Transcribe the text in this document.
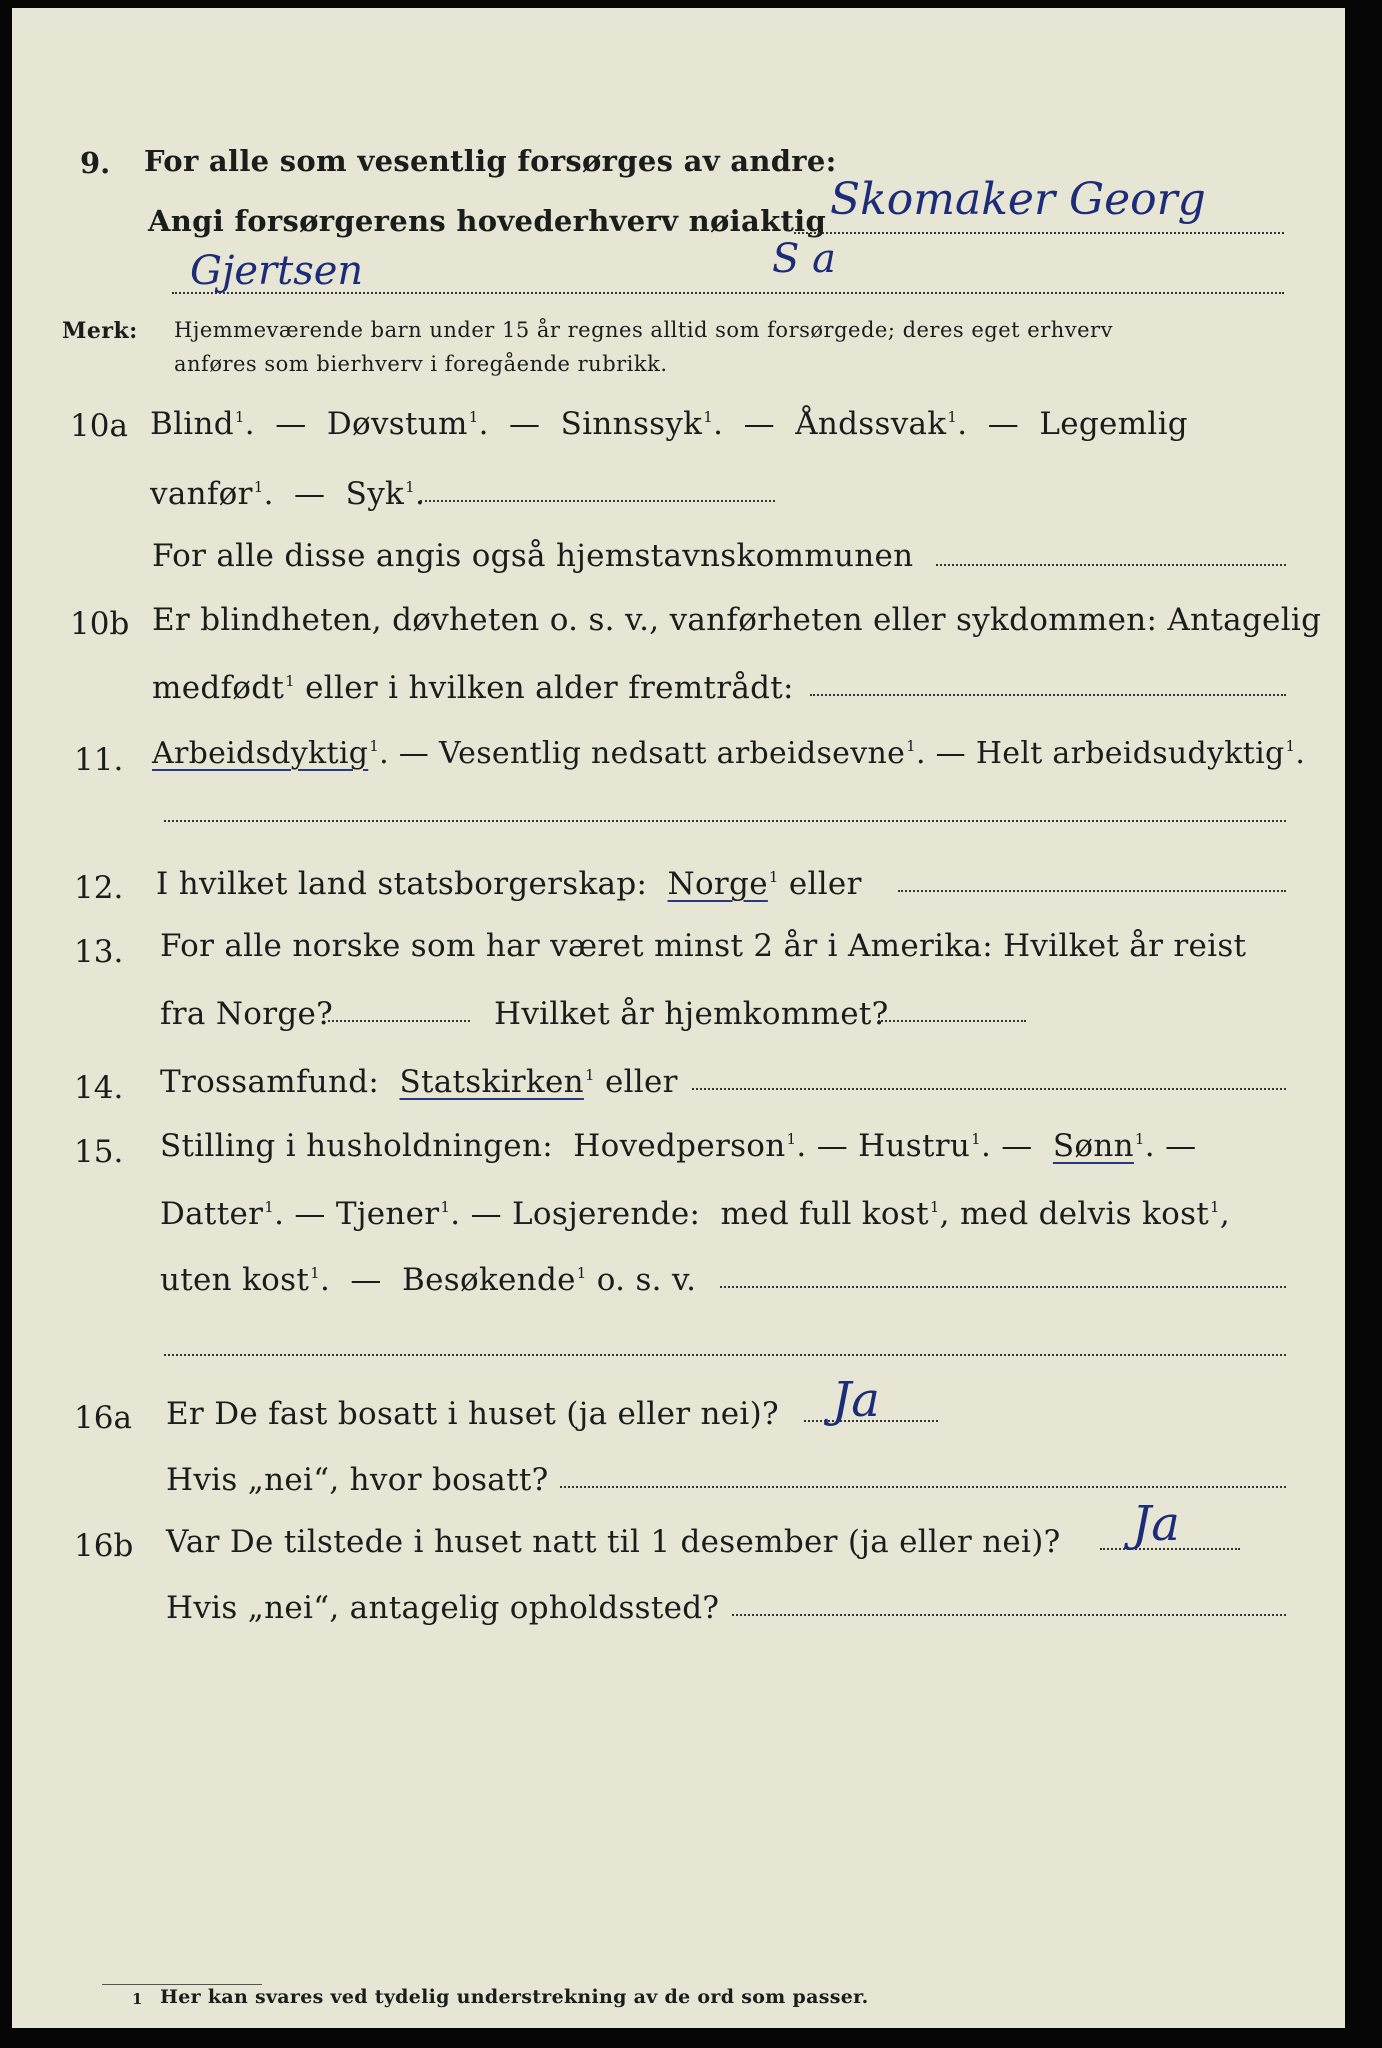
9. For alle som vesentlig forsørges av andre:
Angi forsørgerens hovederhverv nøiaktig Skomaker Georg
Gjertsen	S a
Merk: Hjemmeværende barn under 15 år regnes alltid som forsørgede; deres eget erhverv
anføres som bierhverv i foregående rubrikk.
10a Blind$^1$. — Døvstum$^1$. — Sinnssyk$^1$. — Åndssvak$^1$. — Legemlig
vanfør$^1$. — Syk$^1$.
For alle disse angis også hjemstavnskommunen
10b Er blindheten, døvheten o. s. v., vanførheten eller sykdommen: Antagelig
medfødt$^1$ eller i hvilken alder fremtrådt:
11. Arbeidsdyktig$^1$. — Vesentlig nedsatt arbeidsevne$^1$. — Helt arbeidsudyktig$^1$.
12. I hvilket land statsborgerskap: Norge$^1$ eller
13. For alle norske som har været minst 2 år i Amerika: Hvilket år reist
fra Norge?	Hvilket år hjemkommet?
14. Trossamfund: Statskirken$^1$ eller
15. Stilling i husholdningen: Hovedperson$^1$. — Hustru$^1$. — Sønn$^1$. —
Datter$^1$. — Tjener$^1$. — Losjerende: med full kost$^1$, med delvis kost$^1$,
uten kost$^1$. — Besøkende$^1$ o. s. v.
16a Er De fast bosatt i huset (ja eller nei)? Ja
Hvis „nei“, hvor bosatt?
16b Var De tilstede i huset natt til 1 desember (ja eller nei)? Ja
Hvis „nei“, antagelig opholdssted?
1 Her kan svares ved tydelig understrekning av de ord som passer.
